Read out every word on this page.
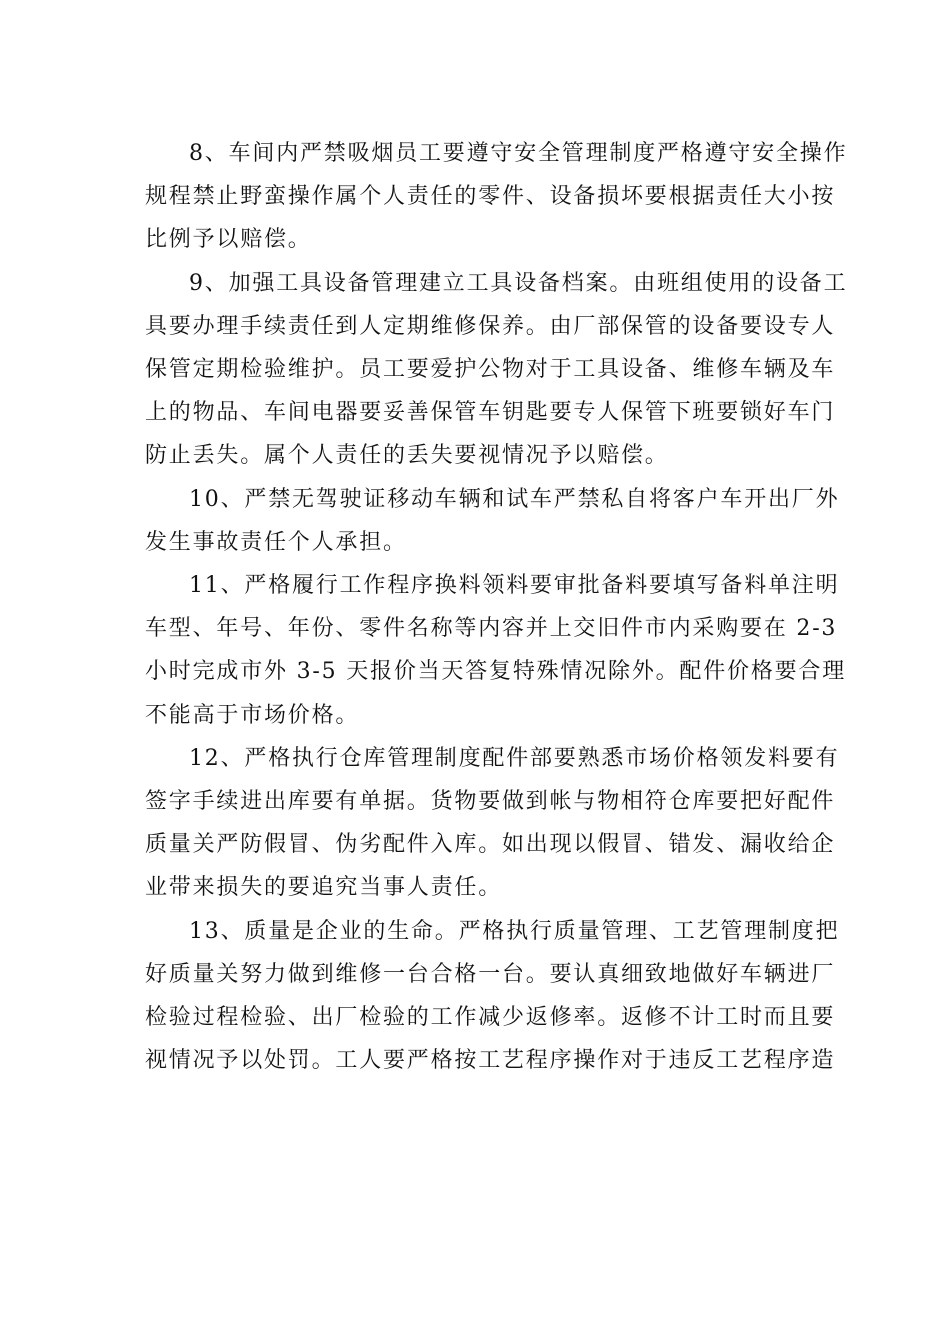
8、车间内严禁吸烟员工要遵守安全管理制度严格遵守安全操作
规程禁止野蛮操作属个人责任的零件、设备损坏要根据责任大小按
比例予以赔偿。
9、加强工具设备管理建立工具设备档案。由班组使用的设备工
具要办理手续责任到人定期维修保养。由厂部保管的设备要设专人
保管定期检验维护。员工要爱护公物对于工具设备、维修车辆及车
上的物品、车间电器要妥善保管车钥匙要专人保管下班要锁好车门
防止丢失。属个人责任的丢失要视情况予以赔偿。
10、严禁无驾驶证移动车辆和试车严禁私自将客户车开出厂外
发生事故责任个人承担。
11、严格履行工作程序换料领料要审批备料要填写备料单注明
车型、年号、年份、零件名称等内容并上交旧件市内采购要在 2-3
小时完成市外 3-5 天报价当天答复特殊情况除外。配件价格要合理
不能高于市场价格。
12、严格执行仓库管理制度配件部要熟悉市场价格领发料要有
签字手续进出库要有单据。货物要做到帐与物相符仓库要把好配件
质量关严防假冒、伪劣配件入库。如出现以假冒、错发、漏收给企
业带来损失的要追究当事人责任。
13、质量是企业的生命。严格执行质量管理、工艺管理制度把
好质量关努力做到维修一台合格一台。要认真细致地做好车辆进厂
检验过程检验、出厂检验的工作减少返修率。返修不计工时而且要
视情况予以处罚。工人要严格按工艺程序操作对于违反工艺程序造
